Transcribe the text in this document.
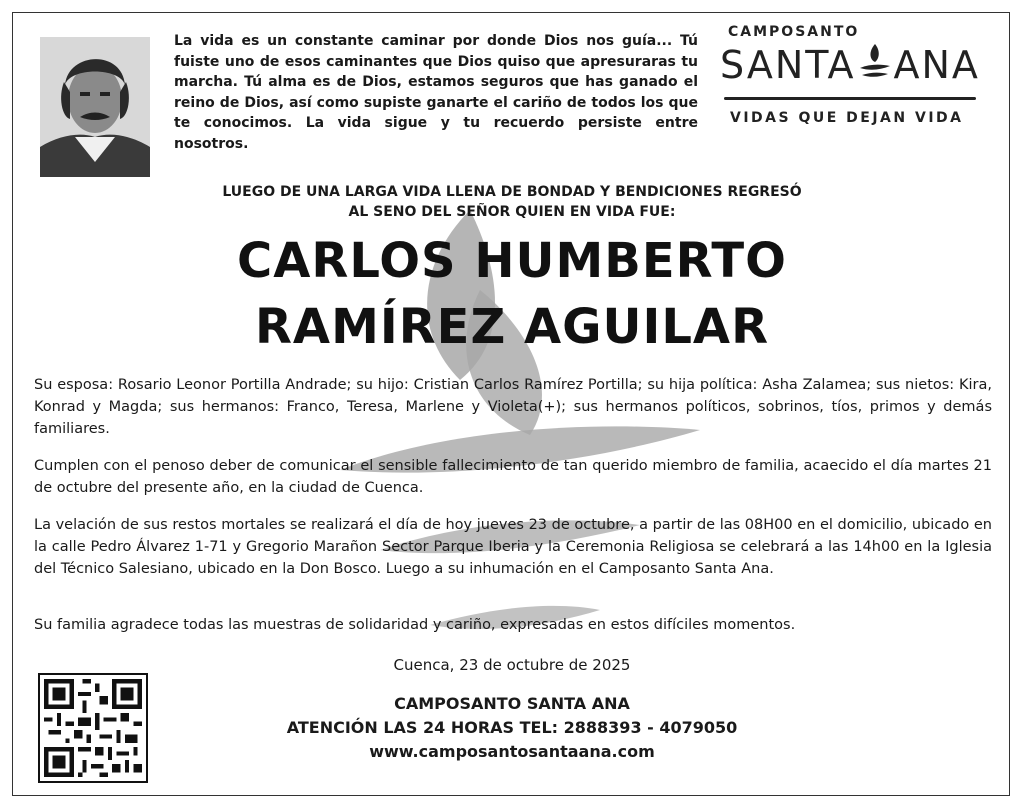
La vida es un constante caminar por donde Dios nos guía... Tú fuiste uno de esos caminantes que Dios quiso que apresuraras tu marcha. Tú alma es de Dios, estamos seguros que has ganado el reino de Dios, así como supiste ganarte el cariño de todos los que te conocimos. La vida sigue y tu recuerdo persiste entre nosotros.
CAMPOSANTO
SANTA ANA
VIDAS QUE DEJAN VIDA
LUEGO DE UNA LARGA VIDA LLENA DE BONDAD Y BENDICIONES REGRESÓ
AL SENO DEL SEÑOR QUIEN EN VIDA FUE:
CARLOS HUMBERTO
RAMÍREZ AGUILAR
Su esposa: Rosario Leonor Portilla Andrade; su hijo: Cristian Carlos Ramírez Portilla; su hija política: Asha Zalamea; sus nietos: Kira, Konrad y Magda; sus hermanos: Franco, Teresa, Marlene y Violeta(+); sus hermanos políticos, sobrinos, tíos, primos y demás familiares.
Cumplen con el penoso deber de comunicar el sensible fallecimiento de tan querido miembro de familia, acaecido el día martes 21 de octubre del presente año, en la ciudad de Cuenca.
La velación de sus restos mortales se realizará el día de hoy jueves 23 de octubre, a partir de las 08H00 en el domicilio, ubicado en la calle Pedro Álvarez 1-71 y Gregorio Marañon Sector Parque Iberia y la Ceremonia Religiosa se celebrará a las 14h00 en la Iglesia del Técnico Salesiano, ubicado en la Don Bosco. Luego a su inhumación en el Camposanto Santa Ana.
Su familia agradece todas las muestras de solidaridad y cariño, expresadas en estos difíciles momentos.
Cuenca, 23 de octubre de 2025
CAMPOSANTO SANTA ANA
ATENCIÓN LAS 24 HORAS TEL: 2888393 - 4079050
www.camposantosantaana.com
